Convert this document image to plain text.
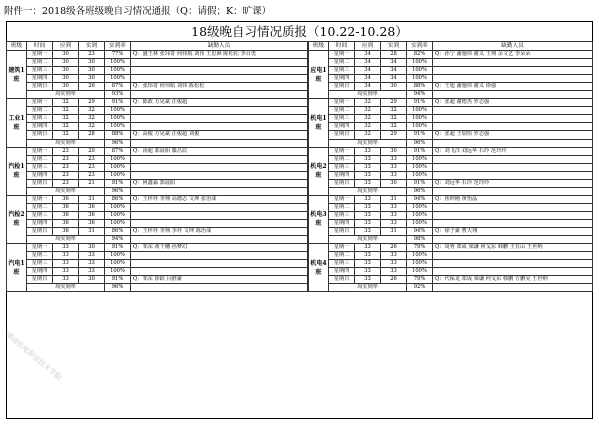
附件一：2018级各班级晚自习情况通报（Q：请假；K：旷课）
18级晚自习情况质报（10.22-10.28）
班级	时间	应到	实到	实到率	缺勤人员
建筑1班	星期一	30	23	77%	Q：盛王林 张玮奇 何伟航 刘伟 王思颜 陈松松 李召勇
	星期二	30	30	100%	
	星期三	30	30	100%	
	星期四	30	30	100%	
	星期日	30	26	87%	Q：张玮奇 何伟航 刘伟 陈松松
	周实到率			93%	
工业1班	星期一	32	29	91%	Q：陈敢 方晃斌 汪俊超
	星期二	32	32	100%	
	星期三	32	32	100%	
	星期四	32	32	100%	
	星期日	32	28	88%	Q：高俊 方晃斌 汪俊超 刘俊
	周实到率			96%	
汽检1班	星期一	23	20	87%	Q：汤超 郭晨阳 滕昌辰
	星期二	23	23	100%	
	星期三	23	23	100%	
	星期四	23	23	100%	
	星期日	23	21	91%	Q：何鑫淼 郭晨阳
	周实到率			96%	
汽检2班	星期一	36	31	86%	Q：王梓祥 李翔 高德志 文坤 张治成
	星期二	36	36	100%	
	星期三	36	36	100%	
	星期四	36	36	100%	
	星期日	36	31	86%	Q：王梓祥 李翔 李祥 文坤 陈治成
	周实到率			94%	
汽电1班	星期一	33	30	91%	Q：邹东 黄千穗 孙梦幻
	星期二	33	33	100%	
	星期三	33	33	100%	
	星期四	33	33	100%	
	星期日	33	30	91%	Q：邹东 徐跃 闫淮豪
	周实到率			96%	
班级	时间	应到	实到	实到率	缺勤人员
应电1班	星期一	34	28	82%	Q：孙宁 潘施伟 谢义 王翔 余文艺 李朵朵
	星期二	34	34	100%	
	星期三	34	34	100%	
	星期四	34	34	100%	
	星期日	34	30	88%	Q：王旭 潘施伟 谢义 徐强
	周实到率			94%	
机电1班	星期一	32	29	91%	Q：张超 谢德杰 罗志强
	星期二	32	32	100%	
	星期三	32	32	100%	
	星期四	32	32	100%	
	星期日	32	29	91%	Q：张超 王瑞恒 罗志强
	周实到率			96%	
机电2班	星期一	33	30	91%	Q：刘飞洋 刘远华 石玲 范玲玲
	星期二	33	33	100%	
	星期三	33	33	100%	
	星期四	33	33	100%	
	星期日	33	30	91%	Q：刘远华 石玲 范玲玲
	周实到率			96%	
机电3班	星期一	33	31	94%	Q：焦坤刚 黄怡晶
	星期二	33	33	100%	
	星期三	33	33	100%	
	星期四	33	33	100%	
	星期日	33	31	94%	Q：徐子豪 曹天翔
	周实到率			98%	
机电4班	星期一	33	26	79%	Q：周秀 郑成 梁谦 何戈东 韩鹏 王有山 王世纳
	星期二	33	33	100%	
	星期三	33	33	100%	
	星期四	33	33	100%	
	星期日	33	26	79%	Q：代保龙 郑成 梁谦 何戈东 韩鹏 方鹏昊 王世纳
	周实到率			92%	
湖南机电职业技术学院
